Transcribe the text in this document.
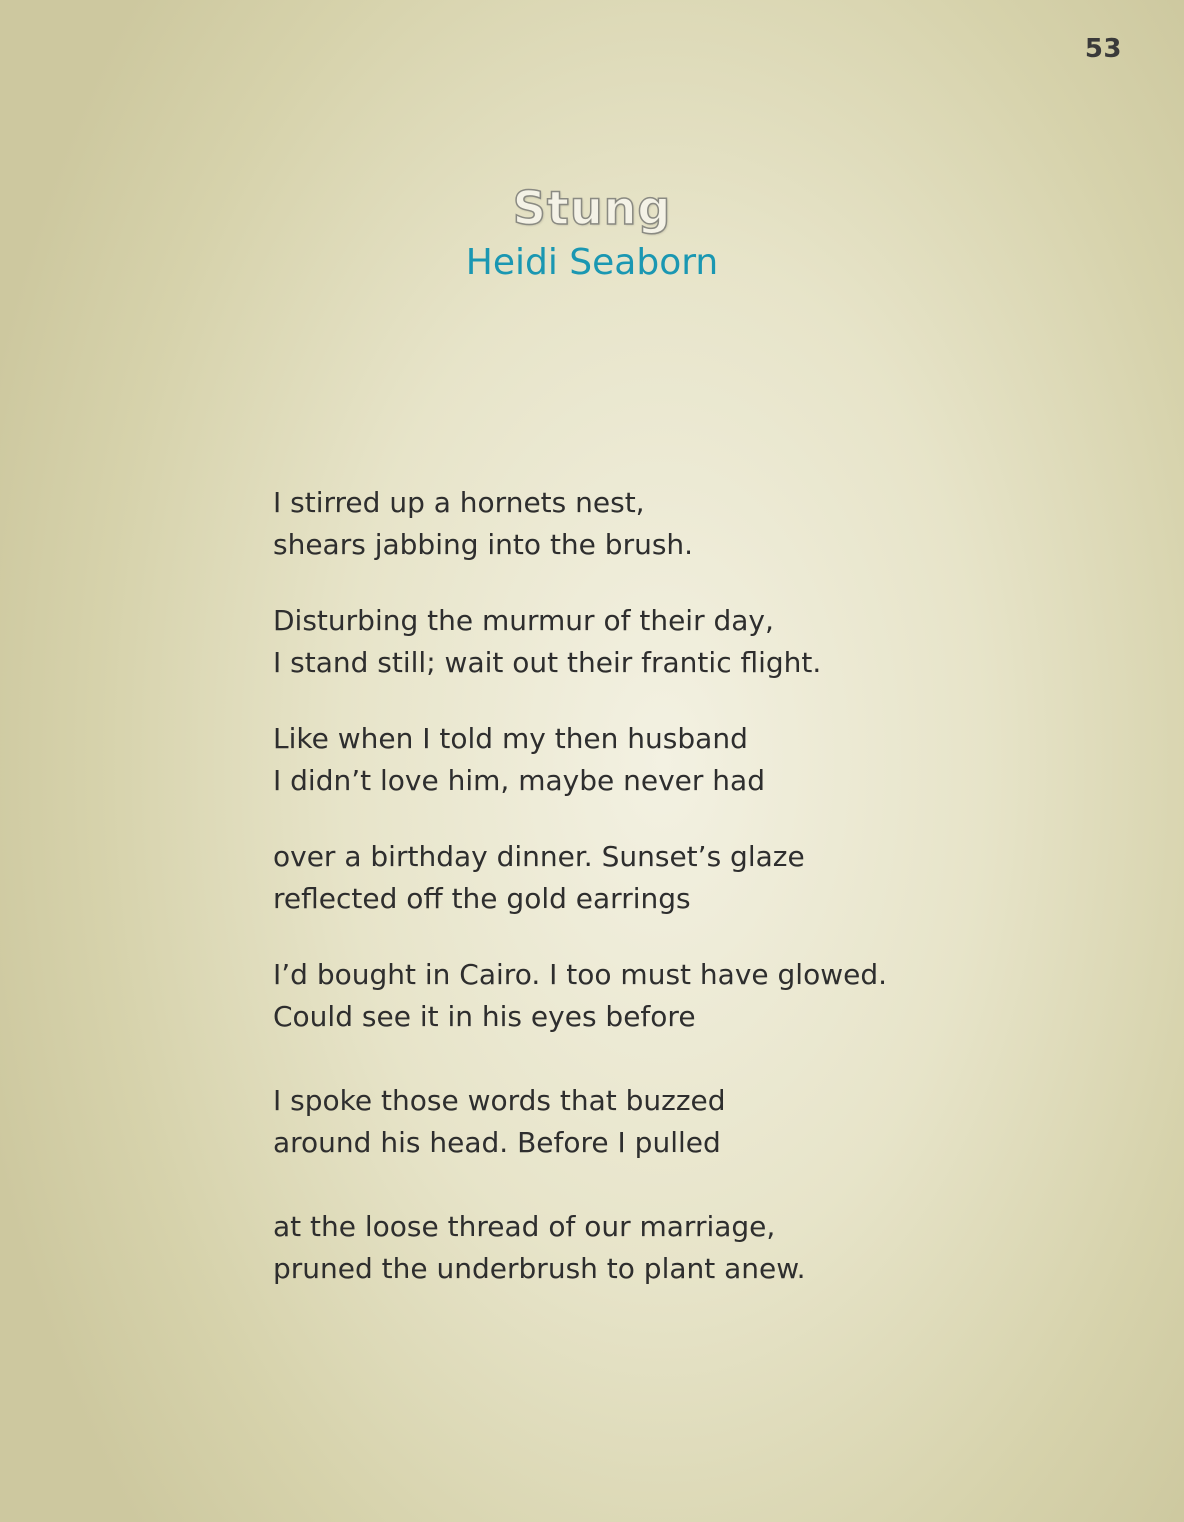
53
Stung
Heidi Seaborn
I stirred up a hornets nest,
shears jabbing into the brush.
Disturbing the murmur of their day,
I stand still; wait out their frantic flight.
Like when I told my then husband
I didn’t love him, maybe never had
over a birthday dinner. Sunset’s glaze
reflected off the gold earrings
I’d bought in Cairo. I too must have glowed.
Could see it in his eyes before
I spoke those words that buzzed
around his head. Before I pulled
at the loose thread of our marriage,
pruned the underbrush to plant anew.
